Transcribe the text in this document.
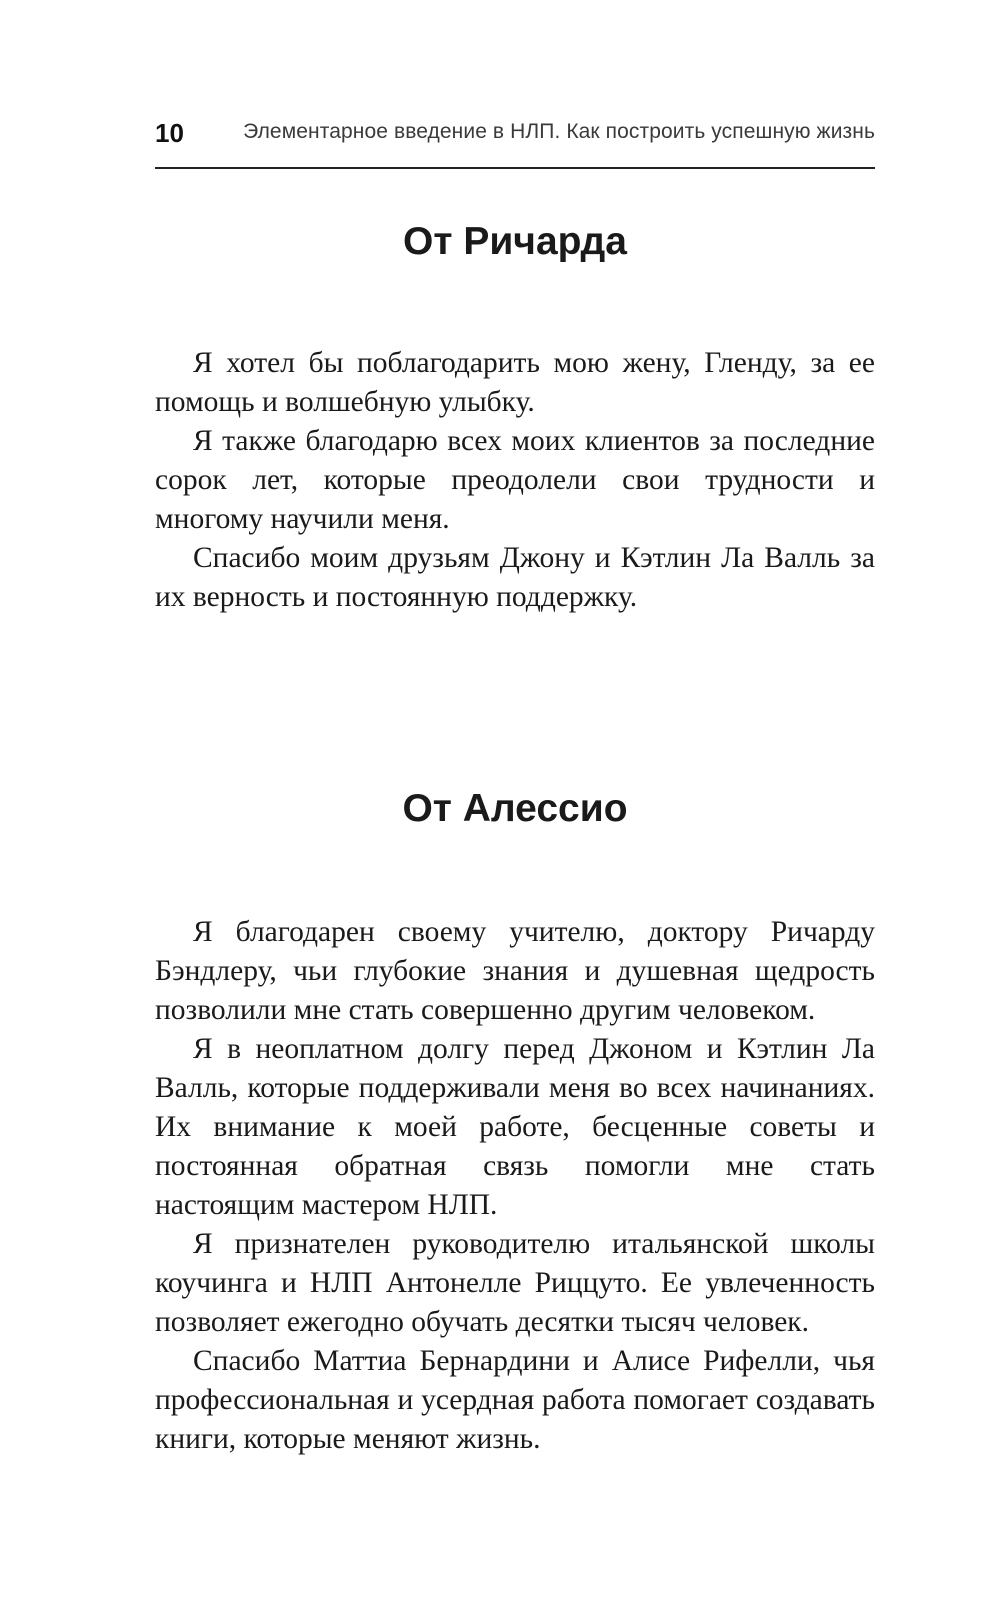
10	Элементарное введение в НЛП. Как построить успешную жизнь
От Ричарда

Я хотел бы поблагодарить мою жену, Гленду, за ее помощь и волшебную улыбку.

Я также благодарю всех моих клиентов за последние сорок лет, которые преодолели свои трудности и многому научили меня.

Спасибо моим друзьям Джону и Кэтлин Ла Валль за их верность и постоянную поддержку.

От Алессио

Я благодарен своему учителю, доктору Ричарду Бэндлеру, чьи глубокие знания и душевная щедрость позволили мне стать совершенно другим человеком.

Я в неоплатном долгу перед Джоном и Кэтлин Ла Валль, которые поддерживали меня во всех начинаниях. Их внимание к моей работе, бесценные советы и постоянная обратная связь помогли мне стать настоящим мастером НЛП.

Я признателен руководителю итальянской школы коучинга и НЛП Антонелле Риццуто. Ее увлеченность позволяет ежегодно обучать десятки тысяч человек.

Спасибо Маттиа Бернардини и Алисе Рифелли, чья профессиональная и усердная работа помогает создавать книги, которые меняют жизнь.
